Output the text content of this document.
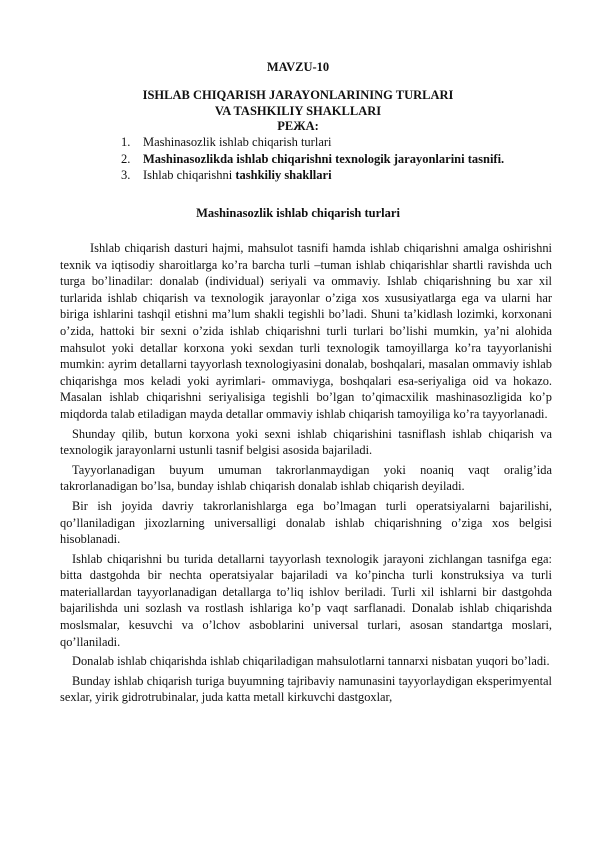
MAVZU-10
ISHLAB CHIQARISH JARAYONLARINING TURLARI
VA TASHKILIY SHAKLLARI
РЕЖА:
1. Mashinasozlik ishlab chiqarish turlari
2. Mashinasozlikda ishlab chiqarishni texnologik jarayonlarini tasnifi.
3. Ishlab chiqarishni tashkiliy shakllari
Mashinasozlik ishlab chiqarish turlari

Ishlab chiqarish dasturi hajmi, mahsulot tasnifi hamda ishlab chiqarishni amalga oshirishni texnik va iqtisodiy sharoitlarga ko’ra barcha turli –tuman ishlab chiqarishlar shartli ravishda uch turga bo’linadilar: donalab (individual) seriyali va ommaviy. Ishlab chiqarishning bu xar xil turlarida ishlab chiqarish va texnologik jarayonlar o’ziga xos xususiyatlarga ega va ularni har biriga ishlarini tashqil etishni ma’lum shakli tegishli bo’ladi. Shuni ta’kidlash lozimki, korxonani o’zida, hattoki bir sexni o’zida ishlab chiqarishni turli turlari bo’lishi mumkin, ya’ni alohida mahsulot yoki detallar korxona yoki sexdan turli texnologik tamoyillarga ko’ra tayyorlanishi mumkin: ayrim detallarni tayyorlash texnologiyasini donalab, boshqalari, masalan ommaviy ishlab chiqarishga mos keladi yoki ayrimlari- ommaviyga, boshqalari esa-seriyaliga oid va hokazo. Masalan ishlab chiqarishni seriyalisiga tegishli bo’lgan to’qimacxilik mashinasozligida ko’p miqdorda talab etiladigan mayda detallar ommaviy ishlab chiqarish tamoyiliga ko’ra tayyorlanadi.

Shunday qilib, butun korxona yoki sexni ishlab chiqarishini tasniflash ishlab chiqarish va texnologik jarayonlarni ustunli tasnif belgisi asosida bajariladi.

Tayyorlanadigan buyum umuman takrorlanmaydigan yoki noaniq vaqt oralig’ida takrorlanadigan bo’lsa, bunday ishlab chiqarish donalab ishlab chiqarish deyiladi.

Bir ish joyida davriy takrorlanishlarga ega bo’lmagan turli operatsiyalarni bajarilishi, qo’llaniladigan jixozlarning universalligi donalab ishlab chiqarishning o’ziga xos belgisi hisoblanadi.

Ishlab chiqarishni bu turida detallarni tayyorlash texnologik jarayoni zichlangan tasnifga ega: bitta dastgohda bir nechta operatsiyalar bajariladi va ko’pincha turli konstruksiya va turli materiallardan tayyorlanadigan detallarga to’liq ishlov beriladi. Turli xil ishlarni bir dastgohda bajarilishda uni sozlash va rostlash ishlariga ko’p vaqt sarflanadi. Donalab ishlab chiqarishda moslsmalar, kesuvchi va o’lchov asboblarini universal turlari, asosan standartga moslari, qo’llaniladi.

Donalab ishlab chiqarishda ishlab chiqariladigan mahsulotlarni tannarxi nisbatan yuqori bo’ladi.

Bunday ishlab chiqarish turiga buyumning tajribaviy namunasini tayyorlaydigan eksperimyental sexlar, yirik gidrotrubinalar, juda katta metall kirkuvchi dastgoxlar,
